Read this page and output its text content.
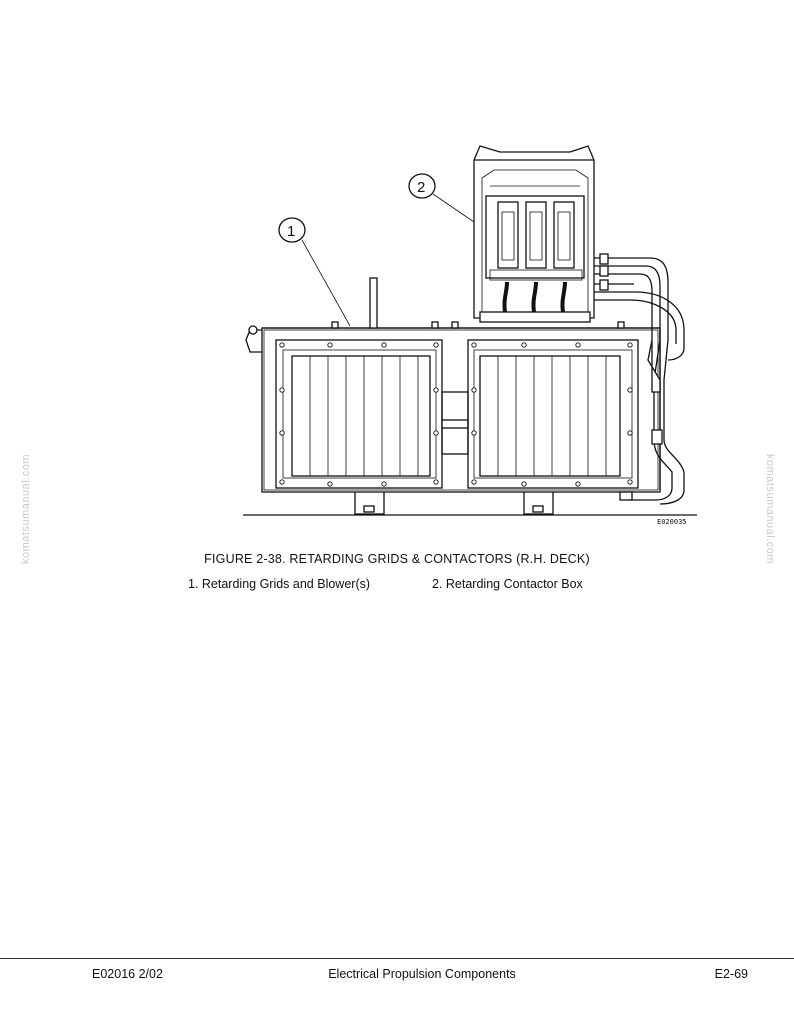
1
2
E020035
komatsumanual.com	komatsumanual.com
FIGURE 2-38. RETARDING GRIDS & CONTACTORS (R.H. DECK)
1. Retarding Grids and Blower(s)	2. Retarding Contactor Box
E02016 2/02	Electrical Propulsion Components	E2-69
